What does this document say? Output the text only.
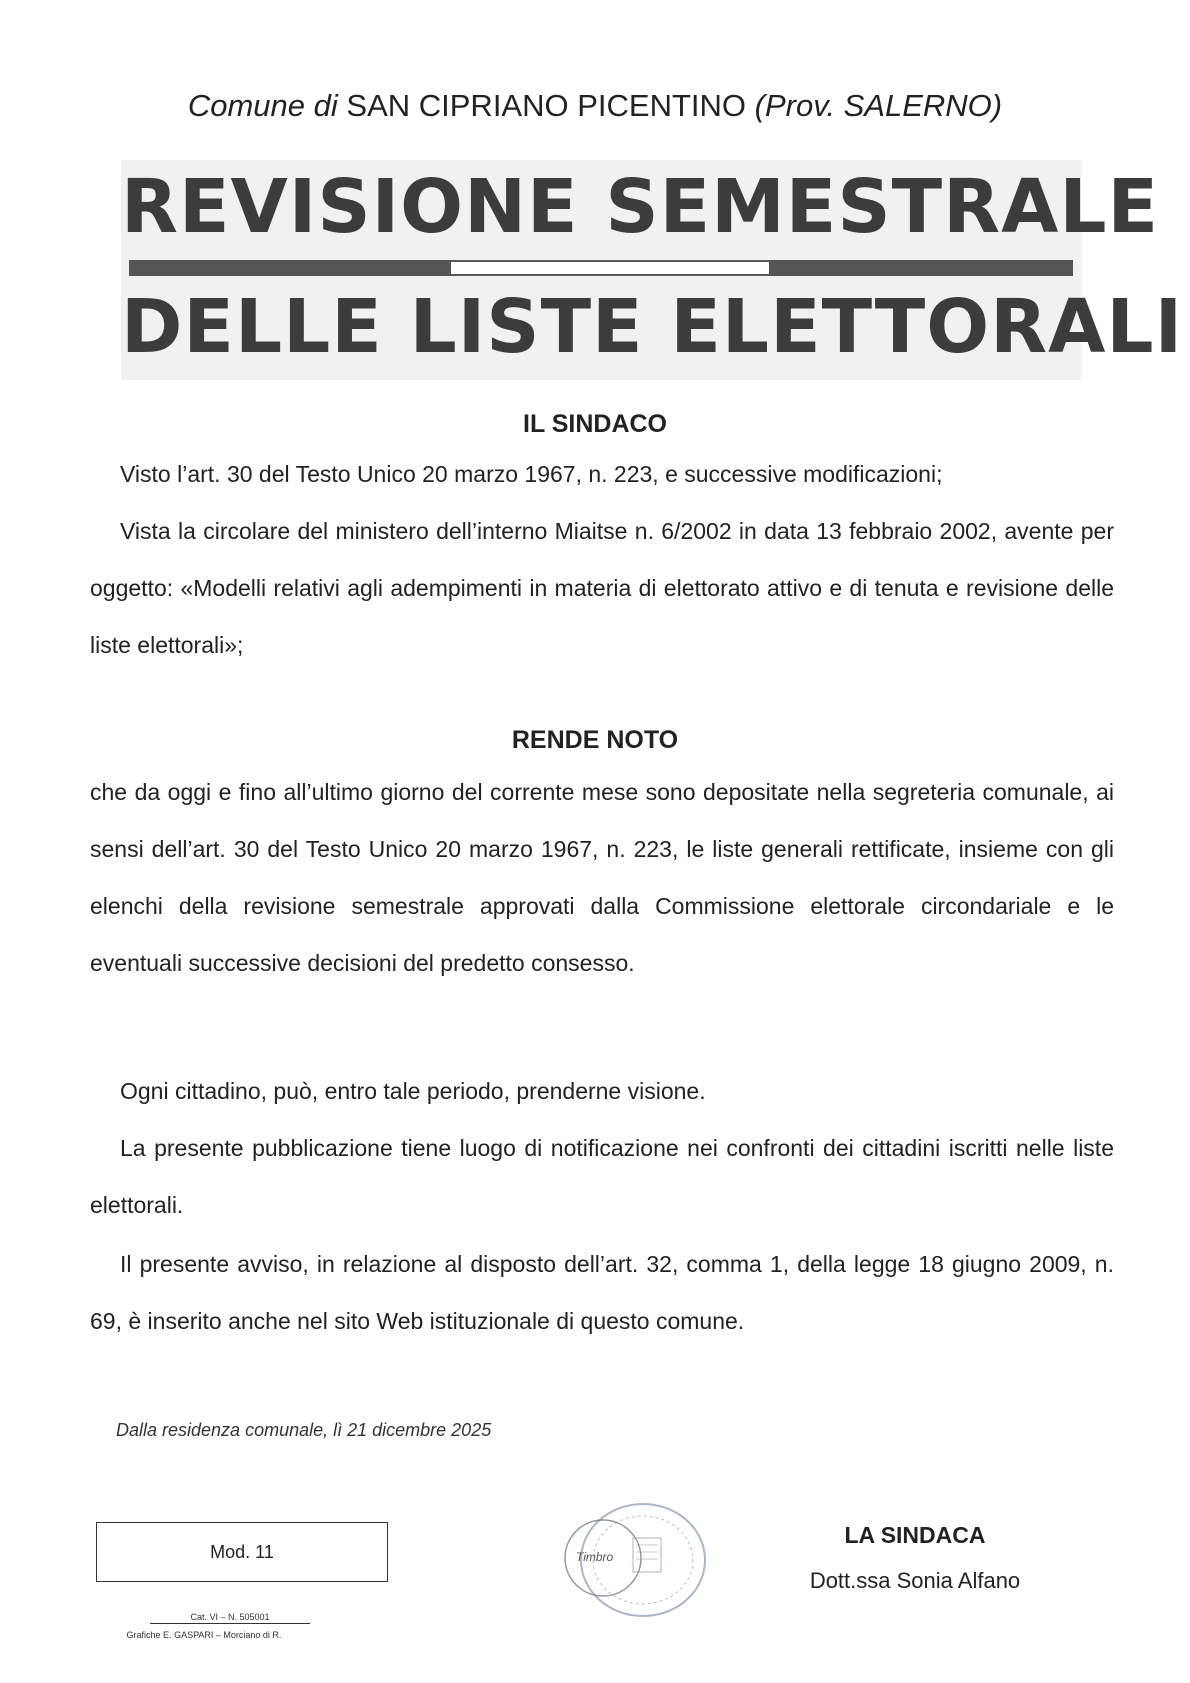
Comune di SAN CIPRIANO PICENTINO (Prov. SALERNO)
REVISIONE SEMESTRALE
DELLE LISTE ELETTORALI
IL SINDACO

Visto l’art. 30 del Testo Unico 20 marzo 1967, n. 223, e successive modificazioni;

Vista la circolare del ministero dell’interno Miaitse n. 6/2002 in data 13 febbraio 2002, avente per oggetto: «Modelli relativi agli adempimenti in materia di elettorato attivo e di tenuta e revisione delle liste elettorali»;

RENDE NOTO

che da oggi e fino all’ultimo giorno del corrente mese sono depositate nella segreteria comunale, ai sensi dell’art. 30 del Testo Unico 20 marzo 1967, n. 223, le liste generali rettificate, insieme con gli elenchi della revisione semestrale approvati dalla Commissione elettorale circondariale e le eventuali successive decisioni del predetto consesso.

Ogni cittadino, può, entro tale periodo, prenderne visione.

La presente pubblicazione tiene luogo di notificazione nei confronti dei cittadini iscritti nelle liste elettorali.

Il presente avviso, in relazione al disposto dell’art. 32, comma 1, della legge 18 giugno 2009, n. 69, è inserito anche nel sito Web istituzionale di questo comune.

Dalla residenza comunale, lì 21 dicembre 2025
Mod. 11
Cat. VI – N. 505001
Grafiche E. GASPARI – Morciano di R.
Timbro
LA SINDACA
Dott.ssa Sonia Alfano
